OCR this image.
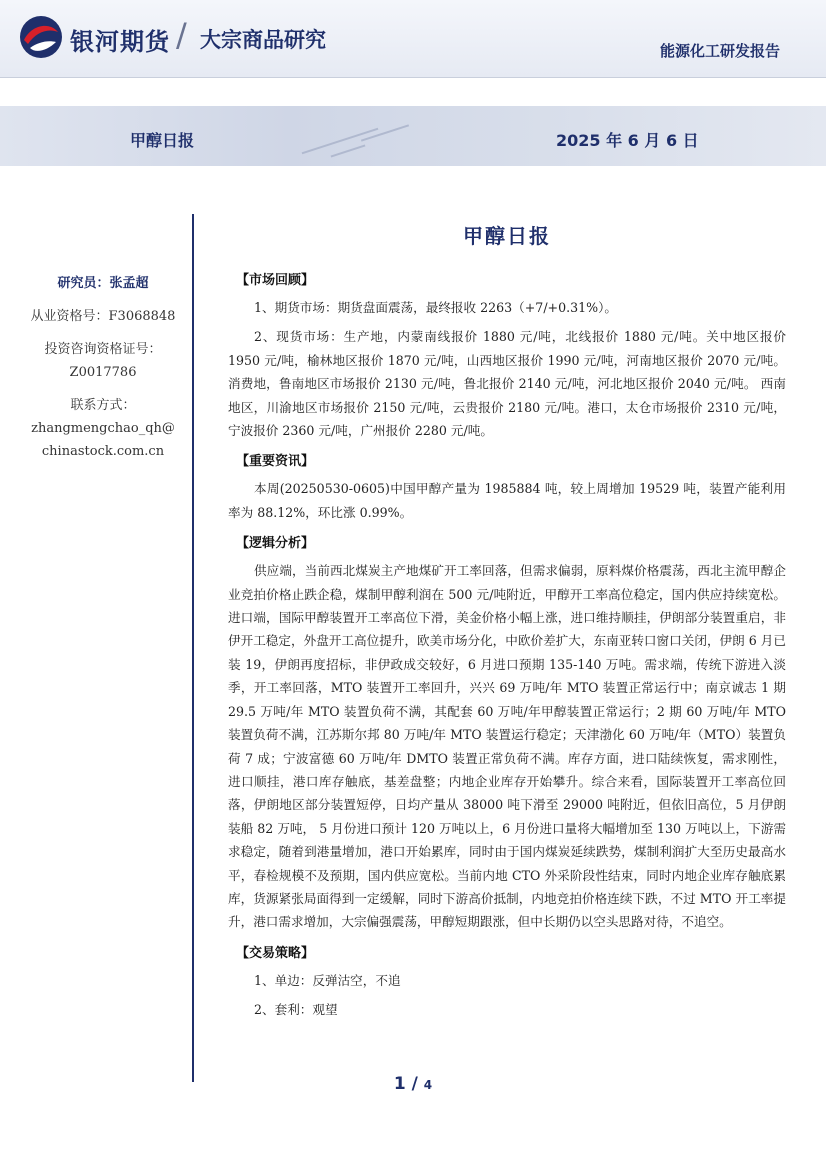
银河期货 / 大宗商品研究	能源化工研发报告
甲醇日报	2025 年 6 月 6 日

研究员：张孟超

从业资格号：F3068848

投资咨询资格证号：

Z0017786

联系方式：

zhangmengchao_qh@

chinastock.com.cn

甲醇日报
【市场回顾】

1、期货市场：期货盘面震荡，最终报收 2263（+7/+0.31%）。

2、现货市场：生产地，内蒙南线报价 1880 元/吨，北线报价 1880 元/吨。关中地区报价 1950 元/吨，榆林地区报价 1870 元/吨，山西地区报价 1990 元/吨，河南地区报价 2070 元/吨。消费地，鲁南地区市场报价 2130 元/吨，鲁北报价 2140 元/吨，河北地区报价 2040 元/吨。 西南地区，川渝地区市场报价 2150 元/吨，云贵报价 2180 元/吨。港口，太仓市场报价 2310 元/吨，宁波报价 2360 元/吨，广州报价 2280 元/吨。

【重要资讯】

本周(20250530-0605)中国甲醇产量为 1985884 吨，较上周增加 19529 吨，装置产能利用率为 88.12%，环比涨 0.99%。

【逻辑分析】

供应端，当前西北煤炭主产地煤矿开工率回落，但需求偏弱，原料煤价格震荡，西北主流甲醇企业竞拍价格止跌企稳，煤制甲醇利润在 500 元/吨附近，甲醇开工率高位稳定，国内供应持续宽松。进口端，国际甲醇装置开工率高位下滑，美金价格小幅上涨，进口维持顺挂，伊朗部分装置重启，非伊开工稳定，外盘开工高位提升，欧美市场分化，中欧价差扩大，东南亚转口窗口关闭，伊朗 6 月已装 19，伊朗再度招标，非伊政成交较好，6 月进口预期 135-140 万吨。需求端，传统下游进入淡季，开工率回落，MTO 装置开工率回升，兴兴 69 万吨/年 MTO 装置正常运行中；南京诚志 1 期 29.5 万吨/年 MTO 装置负荷不满，其配套 60 万吨/年甲醇装置正常运行；2 期 60 万吨/年 MTO 装置负荷不满，江苏斯尔邦 80 万吨/年 MTO 装置运行稳定；天津渤化 60 万吨/年（MTO）装置负荷 7 成；宁波富德 60 万吨/年 DMTO 装置正常负荷不满。库存方面，进口陆续恢复，需求刚性，进口顺挂，港口库存触底，基差盘整；内地企业库存开始攀升。综合来看，国际装置开工率高位回落，伊朗地区部分装置短停，日均产量从 38000 吨下滑至 29000 吨附近，但依旧高位，5 月伊朗装船 82 万吨， 5 月份进口预计 120 万吨以上，6 月份进口量将大幅增加至 130 万吨以上，下游需求稳定，随着到港量增加，港口开始累库，同时由于国内煤炭延续跌势，煤制利润扩大至历史最高水平，春检规模不及预期，国内供应宽松。当前内地 CTO 外采阶段性结束，同时内地企业库存触底累库，货源紧张局面得到一定缓解，同时下游高价抵制，内地竞拍价格连续下跌，不过 MTO 开工率提升，港口需求增加，大宗偏强震荡，甲醇短期跟涨，但中长期仍以空头思路对待，不追空。

【交易策略】

1、单边：反弹沽空，不追

2、套利：观望

1 / 4
